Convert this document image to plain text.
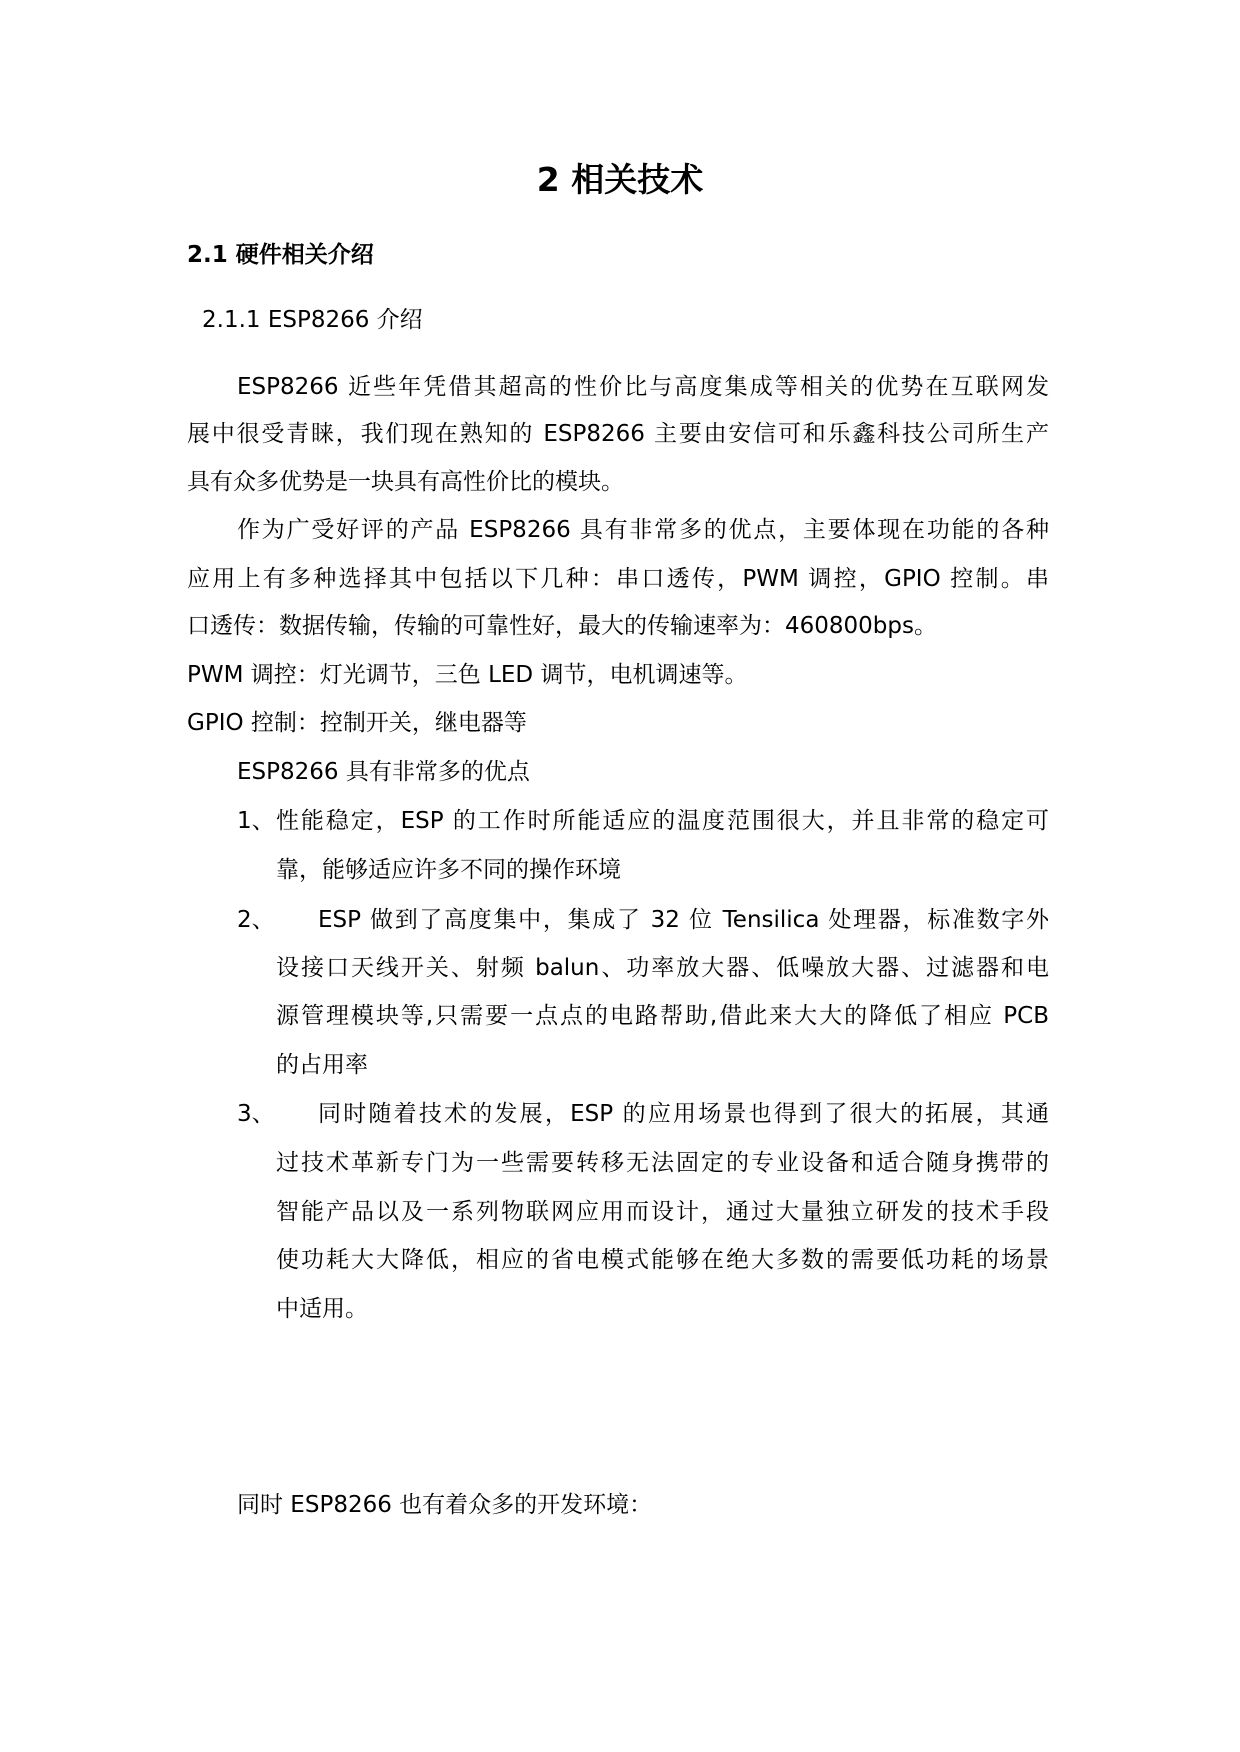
2 相关技术
2.1 硬件相关介绍
2.1.1 ESP8266 介绍
ESP8266 近些年凭借其超高的性价比与高度集成等相关的优势在互联网发
展中很受青睐，我们现在熟知的 ESP8266 主要由安信可和乐鑫科技公司所生产
具有众多优势是一块具有高性价比的模块。
作为广受好评的产品 ESP8266 具有非常多的优点，主要体现在功能的各种
应用上有多种选择其中包括以下几种：串口透传，PWM 调控，GPIO 控制。串
口透传：数据传输，传输的可靠性好，最大的传输速率为：460800bps。
PWM 调控：灯光调节，三色 LED 调节，电机调速等。
GPIO 控制：控制开关，继电器等
ESP8266 具有非常多的优点
1、 性能稳定，ESP 的工作时所能适应的温度范围很大，并且非常的稳定可
靠，能够适应许多不同的操作环境
2、 ESP 做到了高度集中，集成了 32 位 Tensilica 处理器，标准数字外
设接口天线开关、射频 balun、功率放大器、低噪放大器、过滤器和电
源管理模块等,只需要一点点的电路帮助,借此来大大的降低了相应 PCB
的占用率
3、 同时随着技术的发展，ESP 的应用场景也得到了很大的拓展，其通
过技术革新专门为一些需要转移无法固定的专业设备和适合随身携带的
智能产品以及一系列物联网应用而设计，通过大量独立研发的技术手段
使功耗大大降低，相应的省电模式能够在绝大多数的需要低功耗的场景
中适用。
同时 ESP8266 也有着众多的开发环境：
